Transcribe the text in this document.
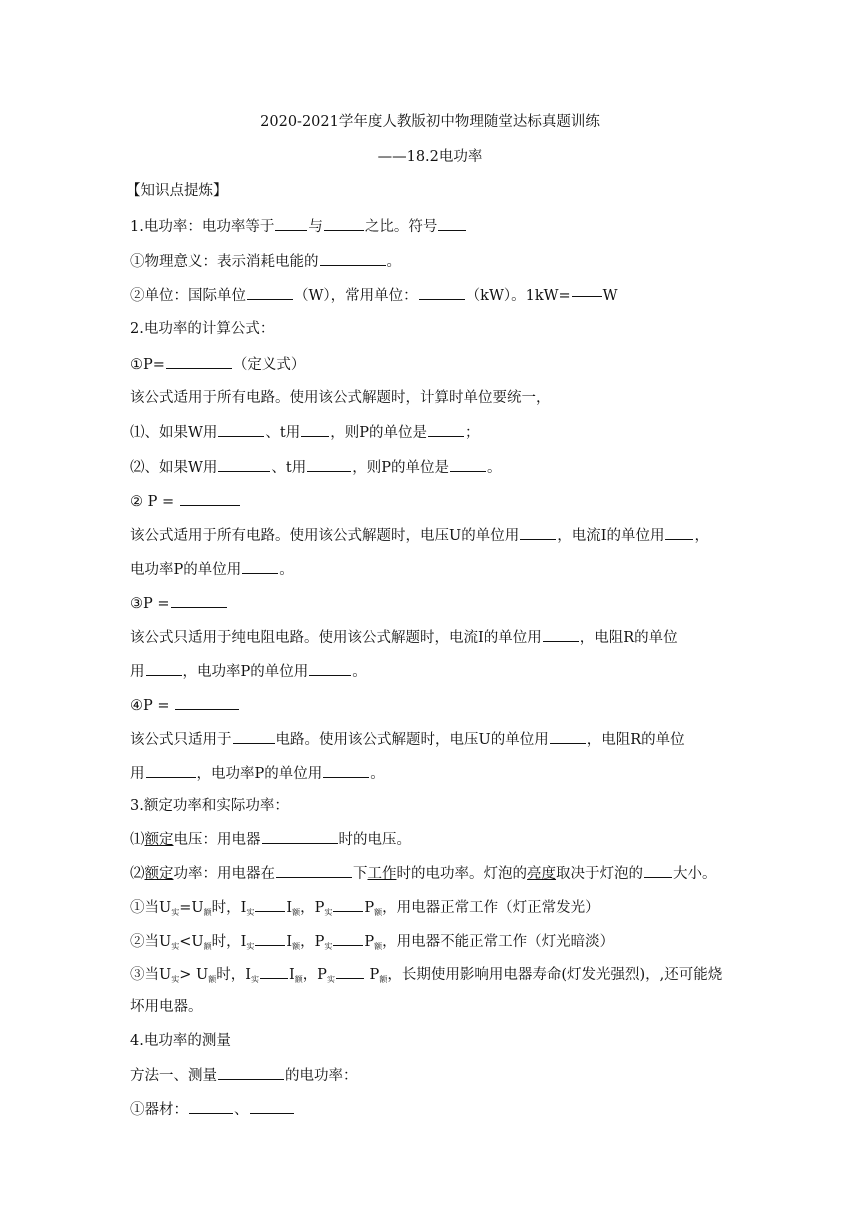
2020-2021学年度人教版初中物理随堂达标真题训练
——18.2电功率
【知识点提炼】
1.电功率：电功率等于 与	之比。符号
①物理意义：表示消耗电能的	。
②单位：国际单位	（W），常用单位：	（kW）。1kW= W
2.电功率的计算公式：
①P=	（定义式）
该公式适用于所有电路。使用该公式解题时，计算时单位要统一，
⑴、如果W用	、t用 ，则P的单位是	；
⑵、如果W用	、t用	，则P的单位是	。
② P =
该公式适用于所有电路。使用该公式解题时，电压U的单位用	，电流I的单位用 ，
电功率P的单位用	。
③P =
该公式只适用于纯电阻电路。使用该公式解题时，电流I的单位用	，电阻R的单位
用	，电功率P的单位用	。
④P =
该公式只适用于	电路。使用该公式解题时，电压U的单位用	，电阻R的单位
用	，电功率P的单位用	。
3.额定功率和实际功率：
⑴额定电压：用电器	时的电压。
⑵额定功率：用电器在	下工作时的电功率。灯泡的亮度取决于灯泡的 大小。
①当$U_实=U_额$时，$I_实$ $I_额$，$P_实$ $P_额$，用电器正常工作（灯正常发光）
②当$U_实<U_额$时，$I_实$ $I_额$，$P_实$ $P_额$，用电器不能正常工作（灯光暗淡）
③当$U_实> U_额$时，$I_实$ $I_额$，$P_实$ $P_额$，长期使用影响用电器寿命(灯发光强烈)，,还可能烧
坏用电器。
4.电功率的测量
方法一、测量	的电功率：
①器材：	、
